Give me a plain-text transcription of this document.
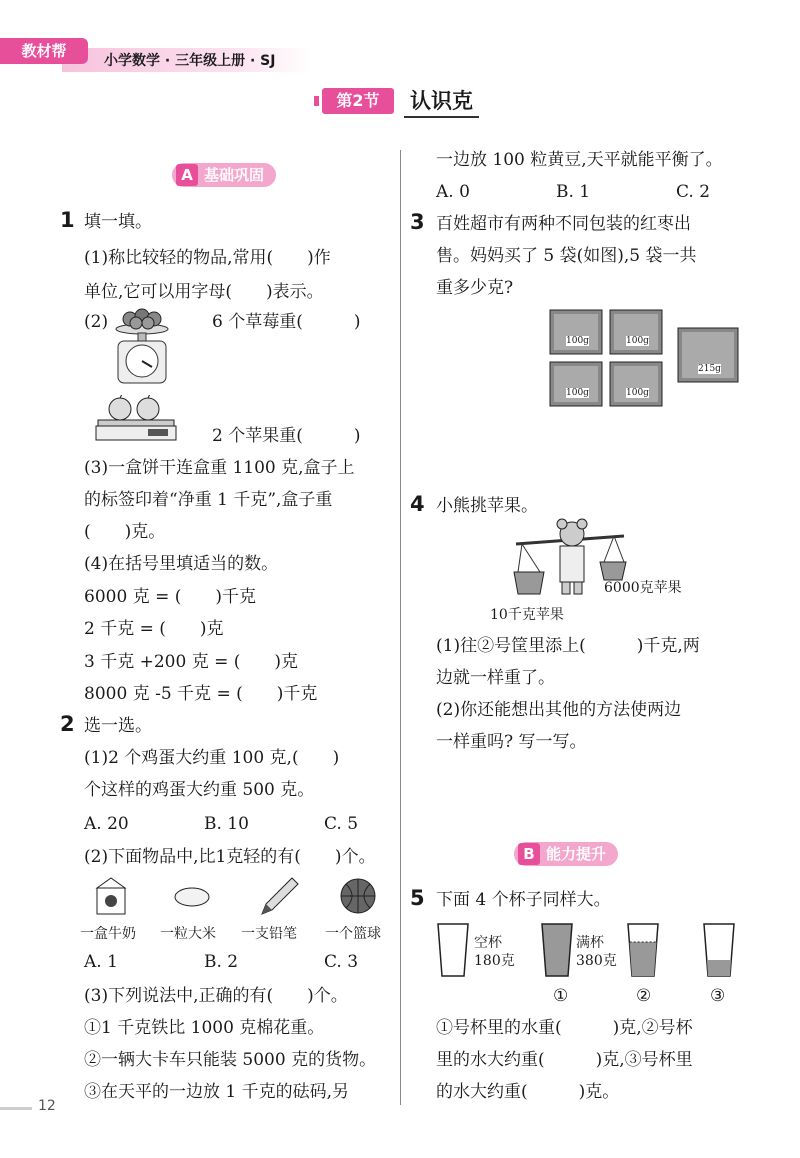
教材帮
小学数学 · 三年级上册 · SJ
第2节	认识克
A 基础巩固
1 填一填。
(1)称比较轻的物品,常用(　　)作
单位,它可以用字母(　　)表示。
(2)	6 个草莓重(　　　)
2 个苹果重(　　　)
(3)一盒饼干连盒重 1100 克,盒子上
的标签印着“净重 1 千克”,盒子重
(　　)克。
(4)在括号里填适当的数。
6000 克 = (　　)千克
2 千克 = (　　)克
3 千克 +200 克 = (　　)克
8000 克 -5 千克 = (　　)千克
2 选一选。
(1)2 个鸡蛋大约重 100 克,(　　)
个这样的鸡蛋大约重 500 克。
A. 20	B. 10	C. 5
(2)下面物品中,比1克轻的有(　　)个。
一盒牛奶 一粒大米 一支铅笔 一个篮球
A. 1	B. 2	C. 3
(3)下列说法中,正确的有(　　)个。
①1 千克铁比 1000 克棉花重。
②一辆大卡车只能装 5000 克的货物。
③在天平的一边放 1 千克的砝码,另
一边放 100 粒黄豆,天平就能平衡了。
A. 0	B. 1	C. 2
3 百姓超市有两种不同包装的红枣出
售。妈妈买了 5 袋(如图),5 袋一共
重多少克?
100g	100g
100g	100g
215g
4 小熊挑苹果。
6000克苹果
10千克苹果
(1)往②号筐里添上(　　　)千克,两
边就一样重了。
(2)你还能想出其他的方法使两边
一样重吗? 写一写。
B 能力提升
5 下面 4 个杯子同样大。
空杯
180克
满杯
380克
①	②	③
①号杯里的水重(　　　)克,②号杯
里的水大约重(　　　)克,③号杯里
的水大约重(　　　)克。
12
